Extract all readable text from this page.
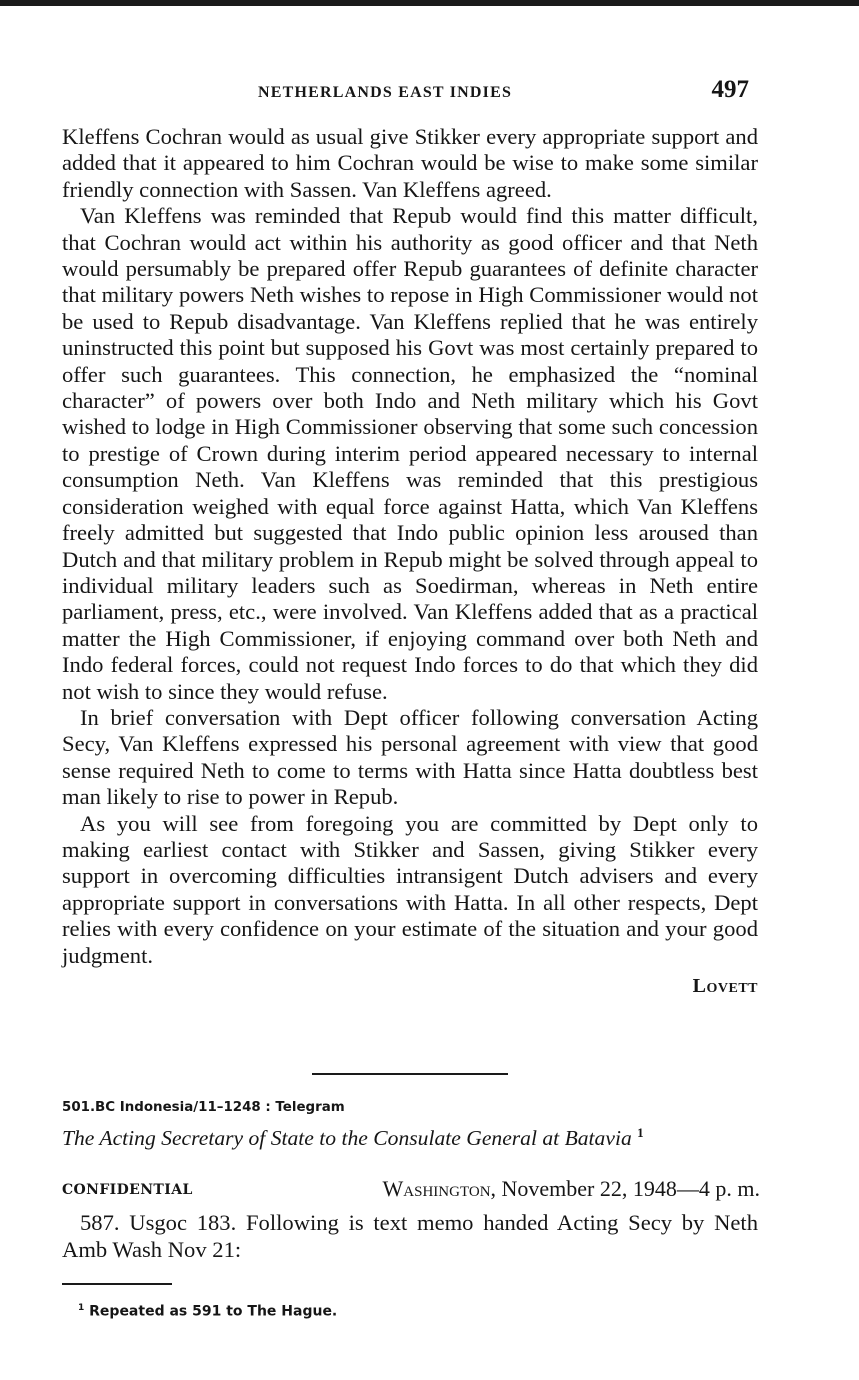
NETHERLANDS EAST INDIES	497

Kleffens Cochran would as usual give Stikker every appropriate support and added that it appeared to him Cochran would be wise to make some similar friendly connection with Sassen. Van Kleffens agreed.

Van Kleffens was reminded that Repub would find this matter difficult, that Cochran would act within his authority as good officer and that Neth would persumably be prepared offer Repub guarantees of definite character that military powers Neth wishes to repose in High Commissioner would not be used to Repub disadvantage. Van Kleffens replied that he was entirely uninstructed this point but supposed his Govt was most certainly prepared to offer such guarantees. This connection, he emphasized the “nominal character” of powers over both Indo and Neth military which his Govt wished to lodge in High Commissioner observing that some such concession to prestige of Crown during interim period appeared necessary to internal consumption Neth. Van Kleffens was reminded that this prestigious consideration weighed with equal force against Hatta, which Van Kleffens freely admitted but suggested that Indo public opinion less aroused than Dutch and that military problem in Repub might be solved through appeal to individual military leaders such as Soedirman, whereas in Neth entire parliament, press, etc., were involved. Van Kleffens added that as a practical matter the High Commissioner, if enjoying command over both Neth and Indo federal forces, could not request Indo forces to do that which they did not wish to since they would refuse.

In brief conversation with Dept officer following conversation Acting Secy, Van Kleffens expressed his personal agreement with view that good sense required Neth to come to terms with Hatta since Hatta doubtless best man likely to rise to power in Repub.

As you will see from foregoing you are committed by Dept only to making earliest contact with Stikker and Sassen, giving Stikker every support in overcoming difficulties intransigent Dutch advisers and every appropriate support in conversations with Hatta. In all other respects, Dept relies with every confidence on your estimate of the situation and your good judgment.

Lovett
501.BC Indonesia/11–1248 : Telegram
The Acting Secretary of State to the Consulate General at Batavia $^1$
CONFIDENTIAL	Washington, November 22, 1948—4 p. m.

587. Usgoc 183. Following is text memo handed Acting Secy by Neth Amb Wash Nov 21:

$^1$ Repeated as 591 to The Hague.
